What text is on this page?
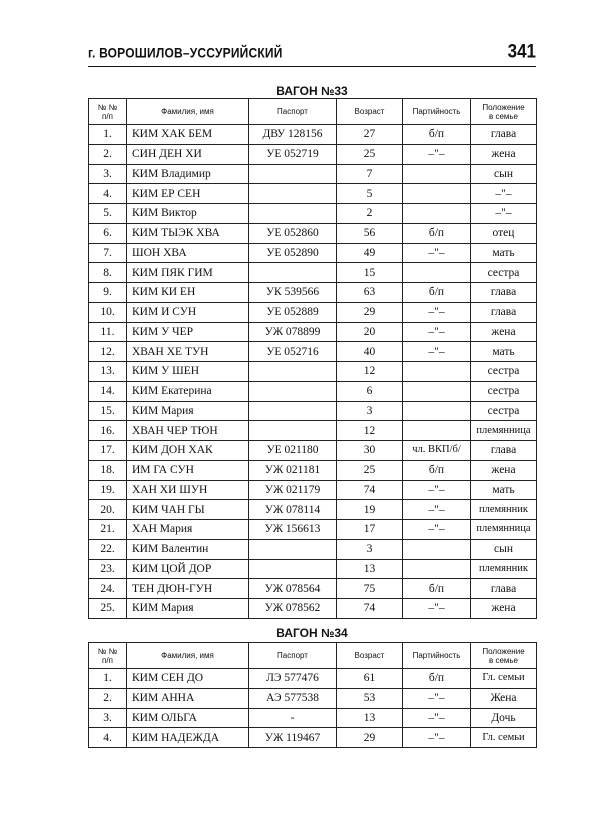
г. ВОРОШИЛОВ–УССУРИЙСКИЙ	341
ВАГОН №33
№ №
п/п	Фамилия, имя	Паспорт	Возраст	Партийность	Положение
в семье
1.	КИМ ХАК БЕМ	ДВУ 128156	27	б/п	глава
2.	СИН ДЕН ХИ	УЕ 052719	25	–"–	жена
3.	КИМ Владимир		7		сын
4.	КИМ ЕР СЕН		5		–"–
5.	КИМ Виктор		2		–"–
6.	КИМ ТЫЭК ХВА	УЕ 052860	56	б/п	отец
7.	ШОН ХВА	УЕ 052890	49	–"–	мать
8.	КИМ ПЯК ГИМ		15		сестра
9.	КИМ КИ ЕН	УК 539566	63	б/п	глава
10.	КИМ И СУН	УЕ 052889	29	–"–	глава
11.	КИМ У ЧЕР	УЖ 078899	20	–"–	жена
12.	ХВАН ХЕ ТУН	УЕ 052716	40	–"–	мать
13.	КИМ У ШЕН		12		сестра
14.	КИМ Екатерина		6		сестра
15.	КИМ Мария		3		сестра
16.	ХВАН ЧЕР ТЮН		12		племянница
17.	КИМ ДОН ХАК	УЕ 021180	30	чл. ВКП/б/	глава
18.	ИМ ГА СУН	УЖ 021181	25	б/п	жена
19.	ХАН ХИ ШУН	УЖ 021179	74	–"–	мать
20.	КИМ ЧАН ГЫ	УЖ 078114	19	–"–	племянник
21.	ХАН Мария	УЖ 156613	17	–"–	племянница
22.	КИМ Валентин		3		сын
23.	КИМ ЦОЙ ДОР		13		племянник
24.	ТЕН ДЮН-ГУН	УЖ 078564	75	б/п	глава
25.	КИМ Мария	УЖ 078562	74	–"–	жена
ВАГОН №34
№ №
п/п	Фамилия, имя	Паспорт	Возраст	Партийность	Положение
в семье
1.	КИМ СЕН ДО	ЛЭ 577476	61	б/п	Гл. семьи
2.	КИМ АННА	АЭ 577538	53	–"–	Жена
3.	КИМ ОЛЬГА	-	13	–"–	Дочь
4.	КИМ НАДЕЖДА	УЖ 119467	29	–"–	Гл. семьи
